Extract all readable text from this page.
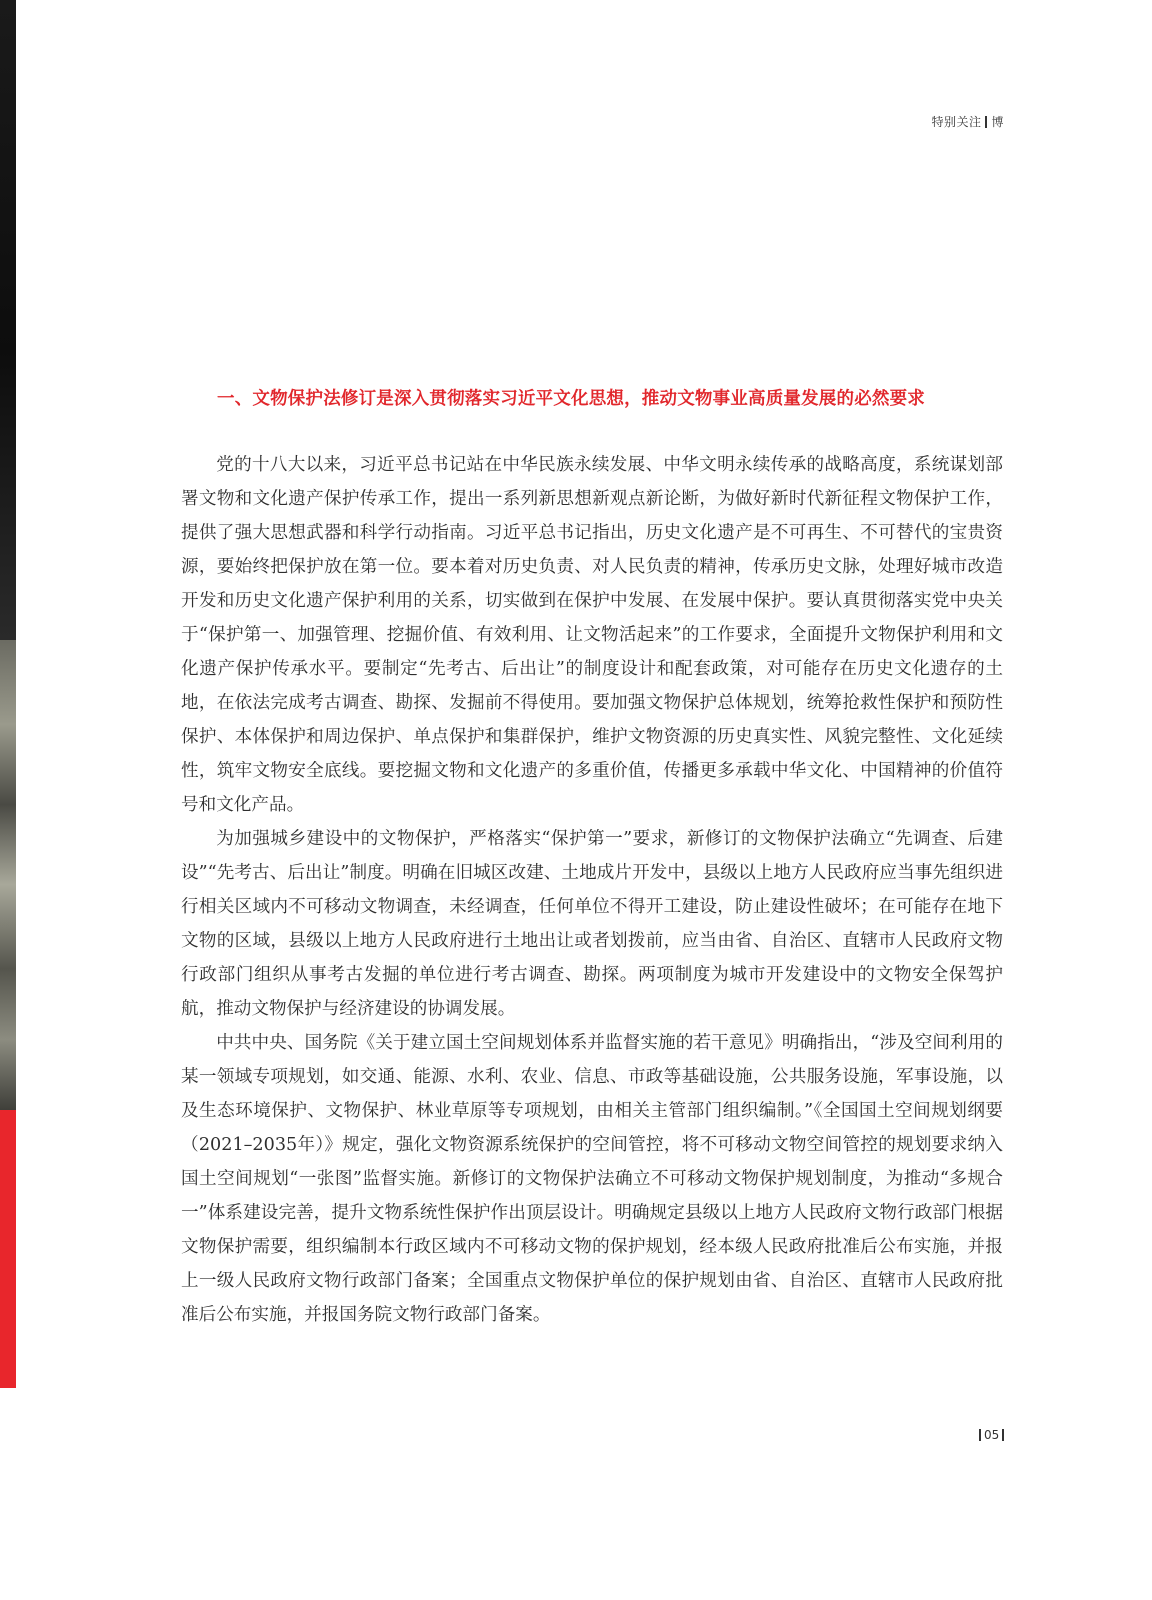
特别关注 博
一、文物保护法修订是深入贯彻落实习近平文化思想，推动文物事业高质量发展的必然要求

党的十八大以来，习近平总书记站在中华民族永续发展、中华文明永续传承的战略高度，系统谋划部署文物和文化遗产保护传承工作，提出一系列新思想新观点新论断，为做好新时代新征程文物保护工作，提供了强大思想武器和科学行动指南。习近平总书记指出，历史文化遗产是不可再生、不可替代的宝贵资源，要始终把保护放在第一位。要本着对历史负责、对人民负责的精神，传承历史文脉，处理好城市改造开发和历史文化遗产保护利用的关系，切实做到在保护中发展、在发展中保护。要认真贯彻落实党中央关于“保护第一、加强管理、挖掘价值、有效利用、让文物活起来”的工作要求，全面提升文物保护利用和文化遗产保护传承水平。要制定“先考古、后出让”的制度设计和配套政策，对可能存在历史文化遗存的土地，在依法完成考古调查、勘探、发掘前不得使用。要加强文物保护总体规划，统筹抢救性保护和预防性保护、本体保护和周边保护、单点保护和集群保护，维护文物资源的历史真实性、风貌完整性、文化延续性，筑牢文物安全底线。要挖掘文物和文化遗产的多重价值，传播更多承载中华文化、中国精神的价值符号和文化产品。

为加强城乡建设中的文物保护，严格落实“保护第一”要求，新修订的文物保护法确立“先调查、后建设”“先考古、后出让”制度。明确在旧城区改建、土地成片开发中，县级以上地方人民政府应当事先组织进行相关区域内不可移动文物调查，未经调查，任何单位不得开工建设，防止建设性破坏；在可能存在地下文物的区域，县级以上地方人民政府进行土地出让或者划拨前，应当由省、自治区、直辖市人民政府文物行政部门组织从事考古发掘的单位进行考古调查、勘探。两项制度为城市开发建设中的文物安全保驾护航，推动文物保护与经济建设的协调发展。

中共中央、国务院《关于建立国土空间规划体系并监督实施的若干意见》明确指出，“涉及空间利用的某一领域专项规划，如交通、能源、水利、农业、信息、市政等基础设施，公共服务设施，军事设施，以及生态环境保护、文物保护、林业草原等专项规划，由相关主管部门组织编制。”《全国国土空间规划纲要（2021–2035年）》规定，强化文物资源系统保护的空间管控，将不可移动文物空间管控的规划要求纳入国土空间规划“一张图”监督实施。新修订的文物保护法确立不可移动文物保护规划制度，为推动“多规合一”体系建设完善，提升文物系统性保护作出顶层设计。明确规定县级以上地方人民政府文物行政部门根据文物保护需要，组织编制本行政区域内不可移动文物的保护规划，经本级人民政府批准后公布实施，并报上一级人民政府文物行政部门备案；全国重点文物保护单位的保护规划由省、自治区、直辖市人民政府批准后公布实施，并报国务院文物行政部门备案。

05
